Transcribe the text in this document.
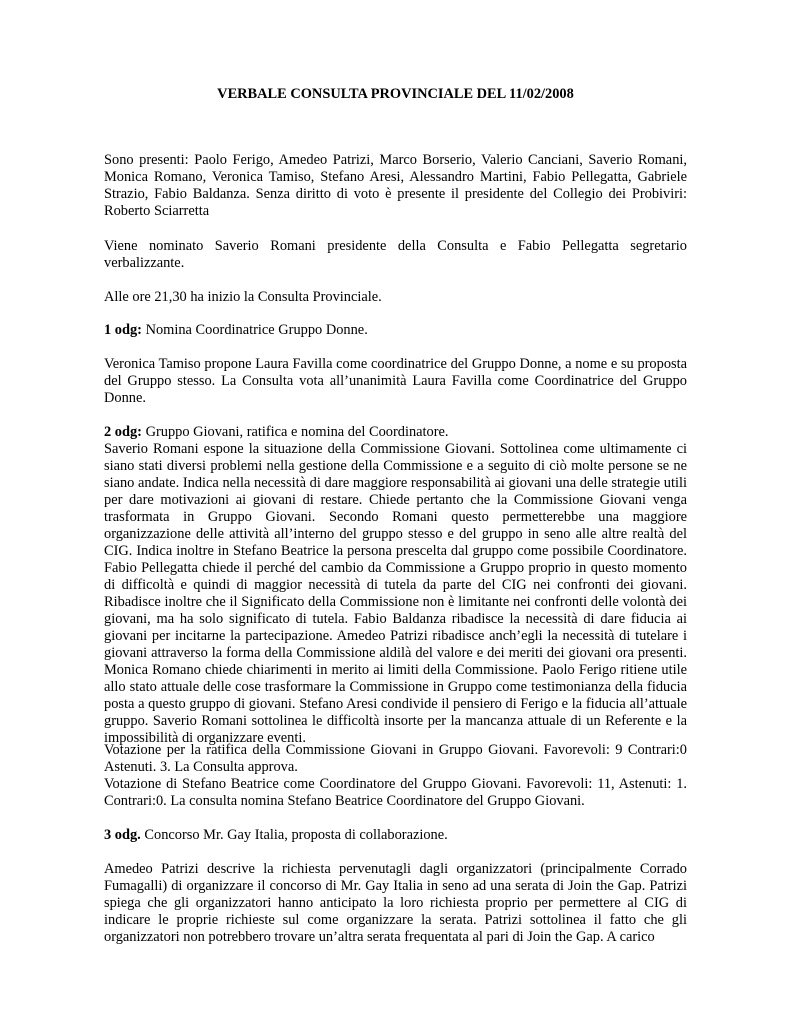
VERBALE CONSULTA PROVINCIALE DEL 11/02/2008

Sono presenti: Paolo Ferigo, Amedeo Patrizi, Marco Borserio, Valerio Canciani, Saverio Romani, Monica Romano, Veronica Tamiso, Stefano Aresi, Alessandro Martini, Fabio Pellegatta, Gabriele Strazio, Fabio Baldanza. Senza diritto di voto è presente il presidente del Collegio dei Probiviri: Roberto Sciarretta

Viene nominato Saverio Romani presidente della Consulta e Fabio Pellegatta segretario verbalizzante.

Alle ore 21,30 ha inizio la Consulta Provinciale.

1 odg: Nomina Coordinatrice Gruppo Donne.

Veronica Tamiso propone Laura Favilla come coordinatrice del Gruppo Donne, a nome e su proposta del Gruppo stesso. La Consulta vota all’unanimità Laura Favilla come Coordinatrice del Gruppo Donne.

2 odg: Gruppo Giovani, ratifica e nomina del Coordinatore.

Saverio Romani espone la situazione della Commissione Giovani. Sottolinea come ultimamente ci siano stati diversi problemi nella gestione della Commissione e a seguito di ciò molte persone se ne siano andate. Indica nella necessità di dare maggiore responsabilità ai giovani una delle strategie utili per dare motivazioni ai giovani di restare. Chiede pertanto che la Commissione Giovani venga trasformata in Gruppo Giovani. Secondo Romani questo permetterebbe una maggiore organizzazione delle attività all’interno del gruppo stesso e del gruppo in seno alle altre realtà del CIG. Indica inoltre in Stefano Beatrice la persona prescelta dal gruppo come possibile Coordinatore. Fabio Pellegatta chiede il perché del cambio da Commissione a Gruppo proprio in questo momento di difficoltà e quindi di maggior necessità di tutela da parte del CIG nei confronti dei giovani. Ribadisce inoltre che il Significato della Commissione non è limitante nei confronti delle volontà dei giovani, ma ha solo significato di tutela. Fabio Baldanza ribadisce la necessità di dare fiducia ai giovani per incitarne la partecipazione. Amedeo Patrizi ribadisce anch’egli la necessità di tutelare i giovani attraverso la forma della Commissione aldilà del valore e dei meriti dei giovani ora presenti. Monica Romano chiede chiarimenti in merito ai limiti della Commissione. Paolo Ferigo ritiene utile allo stato attuale delle cose trasformare la Commissione in Gruppo come testimonianza della fiducia posta a questo gruppo di giovani. Stefano Aresi condivide il pensiero di Ferigo e la fiducia all’attuale gruppo. Saverio Romani sottolinea le difficoltà insorte per la mancanza attuale di un Referente e la impossibilità di organizzare eventi.

Votazione per la ratifica della Commissione Giovani in Gruppo Giovani. Favorevoli: 9 Contrari:0 Astenuti. 3. La Consulta approva.

Votazione di Stefano Beatrice come Coordinatore del Gruppo Giovani. Favorevoli: 11, Astenuti: 1. Contrari:0. La consulta nomina Stefano Beatrice Coordinatore del Gruppo Giovani.

3 odg. Concorso Mr. Gay Italia, proposta di collaborazione.

Amedeo Patrizi descrive la richiesta pervenutagli dagli organizzatori (principalmente Corrado Fumagalli) di organizzare il concorso di Mr. Gay Italia in seno ad una serata di Join the Gap. Patrizi spiega che gli organizzatori hanno anticipato la loro richiesta proprio per permettere al CIG di indicare le proprie richieste sul come organizzare la serata. Patrizi sottolinea il fatto che gli organizzatori non potrebbero trovare un’altra serata frequentata al pari di Join the Gap. A carico
